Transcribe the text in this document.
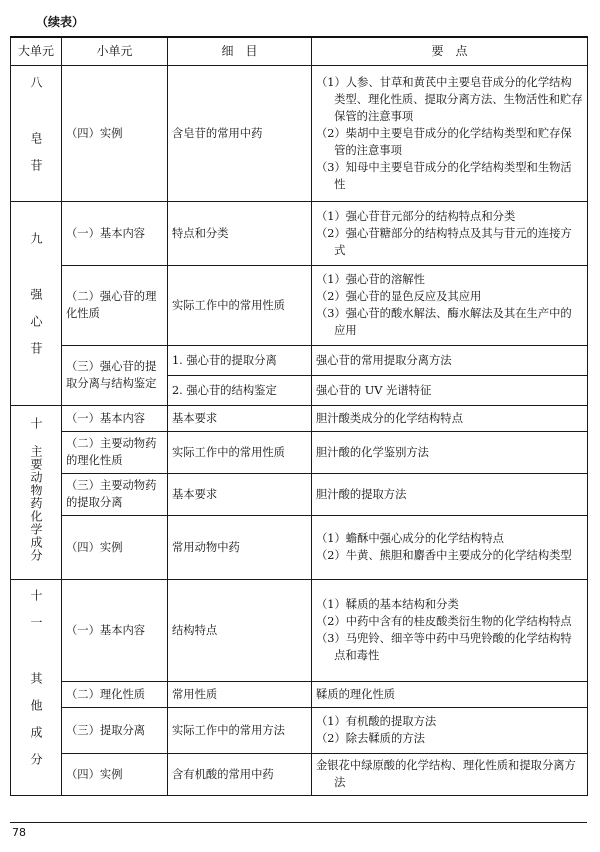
（续表）
大单元	小单元	细　目	要　点
八 皂苷	（四）实例	含皂苷的常用中药	（1）人参、甘草和黄芪中主要皂苷成分的化学结构类型、理化性质、提取分离方法、生物活性和贮存保管的注意事项
（2）柴胡中主要皂苷成分的化学结构类型和贮存保管的注意事项
（3）知母中主要皂苷成分的化学结构类型和生物活性

九 强心苷	（一）基本内容	特点和分类	（1）强心苷苷元部分的结构特点和分类
（2）强心苷糖部分的结构特点及其与苷元的连接方式

	（二）强心苷的理化性质	实际工作中的常用性质	（1）强心苷的溶解性
（2）强心苷的显色反应及其应用
（3）强心苷的酸水解法、酶水解法及其在生产中的应用

	（三）强心苷的提取分离与结构鉴定	1. 强心苷的提取分离	强心苷的常用提取分离方法

		2. 强心苷的结构鉴定	强心苷的 UV 光谱特征

十 主要动物药化学成分	（一）基本内容	基本要求	胆汁酸类成分的化学结构特点

	（二）主要动物药的理化性质	实际工作中的常用性质	胆汁酸的化学鉴别方法

	（三）主要动物药的提取分离	基本要求	胆汁酸的提取方法

	（四）实例	常用动物中药	（1）蟾酥中强心成分的化学结构特点
（2）牛黄、熊胆和麝香中主要成分的化学结构类型

十一 其他成分	（一）基本内容	结构特点	（1）鞣质的基本结构和分类
（2）中药中含有的桂皮酸类衍生物的化学结构特点
（3）马兜铃、细辛等中药中马兜铃酸的化学结构特点和毒性

	（二）理化性质	常用性质	鞣质的理化性质

	（三）提取分离	实际工作中的常用方法	（1）有机酸的提取方法
（2）除去鞣质的方法

	（四）实例	含有机酸的常用中药	金银花中绿原酸的化学结构、理化性质和提取分离方法
78
